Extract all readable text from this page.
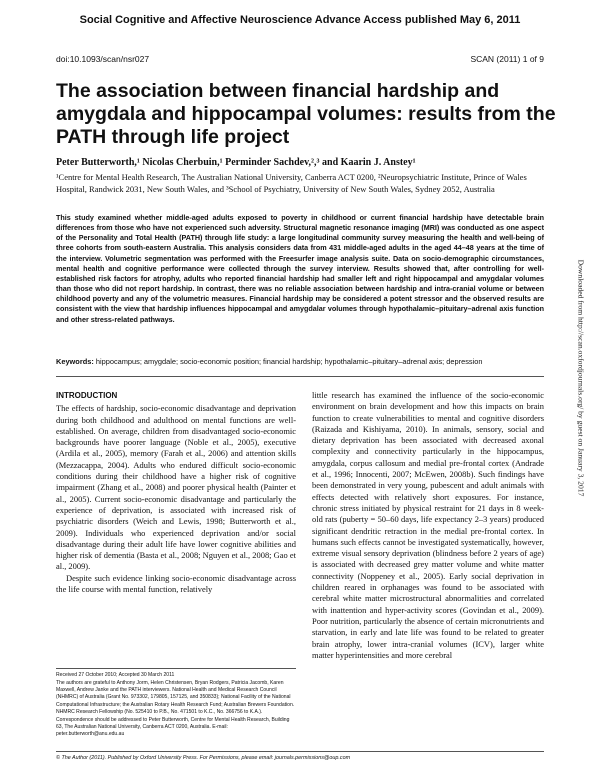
Social Cognitive and Affective Neuroscience Advance Access published May 6, 2011
doi:10.1093/scan/nsr027	SCAN (2011) 1 of 9
The association between financial hardship and amygdala and hippocampal volumes: results from the PATH through life project
Peter Butterworth,¹ Nicolas Cherbuin,¹ Perminder Sachdev,²,³ and Kaarin J. Anstey¹
¹Centre for Mental Health Research, The Australian National University, Canberra ACT 0200, ²Neuropsychiatric Institute, Prince of Wales Hospital, Randwick 2031, New South Wales, and ³School of Psychiatry, University of New South Wales, Sydney 2052, Australia
This study examined whether middle-aged adults exposed to poverty in childhood or current financial hardship have detectable brain differences from those who have not experienced such adversity. Structural magnetic resonance imaging (MRI) was conducted as one aspect of the Personality and Total Health (PATH) through life study: a large longitudinal community survey measuring the health and well-being of three cohorts from south-eastern Australia. This analysis considers data from 431 middle-aged adults in the aged 44–48 years at the time of the interview. Volumetric segmentation was performed with the Freesurfer image analysis suite. Data on socio-demographic circumstances, mental health and cognitive performance were collected through the survey interview. Results showed that, after controlling for well-established risk factors for atrophy, adults who reported financial hardship had smaller left and right hippocampal and amygdalar volumes than those who did not report hardship. In contrast, there was no reliable association between hardship and intra-cranial volume or between childhood poverty and any of the volumetric measures. Financial hardship may be considered a potent stressor and the observed results are consistent with the view that hardship influences hippocampal and amygdalar volumes through hypothalamic–pituitary–adrenal axis function and other stress-related pathways.
Keywords: hippocampus; amygdale; socio-economic position; financial hardship; hypothalamic–pituitary–adrenal axis; depression
INTRODUCTION

The effects of hardship, socio-economic disadvantage and deprivation during both childhood and adulthood on mental functions are well-established. On average, children from disadvantaged socio-economic backgrounds have poorer language (Noble et al., 2005), executive (Ardila et al., 2005), memory (Farah et al., 2006) and attention skills (Mezzacappa, 2004). Adults who endured difficult socio-economic conditions during their childhood have a higher risk of cognitive impairment (Zhang et al., 2008) and poorer physical health (Painter et al., 2005). Current socio-economic disadvantage and particularly the experience of deprivation, is associated with increased risk of psychiatric disorders (Weich and Lewis, 1998; Butterworth et al., 2009). Individuals who experienced deprivation and/or social disadvantage during their adult life have lower cognitive abilities and higher risk of dementia (Basta et al., 2008; Nguyen et al., 2008; Gao et al., 2009).

Despite such evidence linking socio-economic disadvantage across the life course with mental function, relatively

little research has examined the influence of the socio-economic environment on brain development and how this impacts on brain function to create vulnerabilities to mental and cognitive disorders (Raizada and Kishiyama, 2010). In animals, sensory, social and dietary deprivation has been associated with decreased axonal complexity and connectivity particularly in the hippocampus, amygdala, corpus callosum and medial pre-frontal cortex (Andrade et al., 1996; Innocenti, 2007; McEwen, 2008b). Such findings have been demonstrated in very young, pubescent and adult animals with effects detected with relatively short exposures. For instance, chronic stress initiated by physical restraint for 21 days in 8 week-old rats (puberty = 50–60 days, life expectancy 2–3 years) produced significant dendritic retraction in the medial pre-frontal cortex. In humans such effects cannot be investigated systematically, however, extreme visual sensory deprivation (blindness before 2 years of age) is associated with decreased grey matter volume and white matter connectivity (Noppeney et al., 2005). Early social deprivation in children reared in orphanages was found to be associated with cerebral white matter microstructural abnormalities and correlated with inattention and hyper-activity scores (Govindan et al., 2009). Poor nutrition, particularly the absence of certain micronutrients and starvation, in early and late life was found to be related to greater brain atrophy, lower intra-cranial volumes (ICV), larger white matter hyperintensities and more cerebral

Received 27 October 2010; Accepted 30 March 2011

The authors are grateful to Anthony Jorm, Helen Christensen, Bryan Rodgers, Patricia Jacomb, Karen Maxwell, Andrew Janke and the PATH interviewers. National Health and Medical Research Council (NHMRC) of Australia (Grant No. 973302, 179805, 157125, and 350833); National Facility of the National Computational Infrastructure; the Australian Rotary Health Research Fund; Australian Brewers Foundation. NHMRC Research Fellowship (No. 525410 to P.B., No. 471501 to K.C., No. 366756 to K.A.).

Correspondence should be addressed to Peter Butterworth, Centre for Mental Health Research, Building 63, The Australian National University, Canberra ACT 0200, Australia. E-mail: peter.butterworth@anu.edu.au

© The Author (2011). Published by Oxford University Press. For Permissions, please email: journals.permissions@oup.com
Downloaded from http://scan.oxfordjournals.org/ by guest on January 3, 2017
